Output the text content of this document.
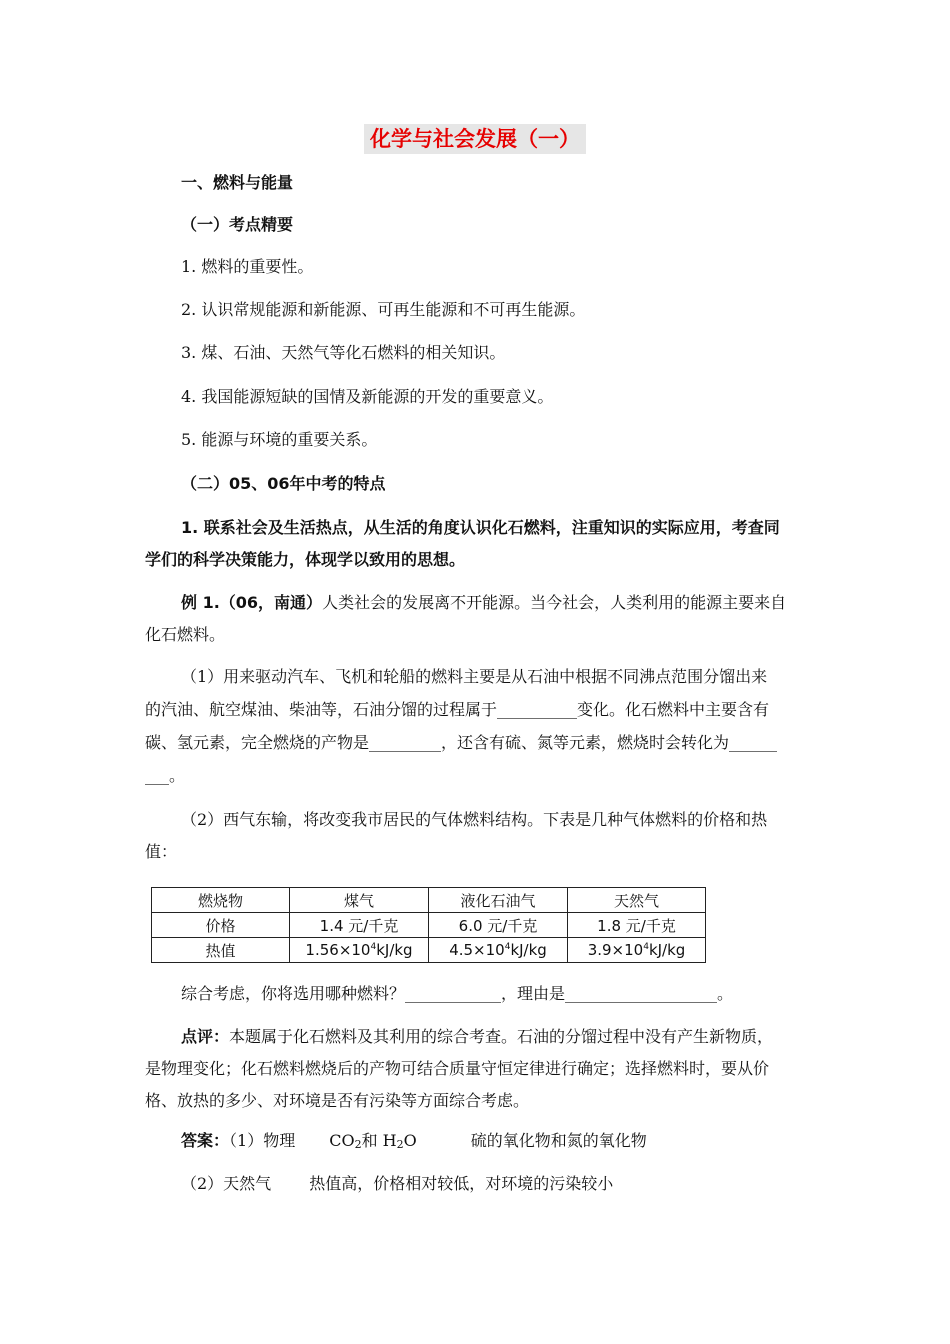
化学与社会发展（一）
一、燃料与能量
（一）考点精要
1. 燃料的重要性。
2. 认识常规能源和新能源、可再生能源和不可再生能源。
3. 煤、石油、天然气等化石燃料的相关知识。
4. 我国能源短缺的国情及新能源的开发的重要意义。
5. 能源与环境的重要关系。
（二）05、06年中考的特点
1. 联系社会及生活热点，从生活的角度认识化石燃料，注重知识的实际应用，考查同
学们的科学决策能力，体现学以致用的思想。
例 1.（06，南通）人类社会的发展离不开能源。当今社会，人类利用的能源主要来自
化石燃料。
（1）用来驱动汽车、飞机和轮船的燃料主要是从石油中根据不同沸点范围分馏出来
的汽油、航空煤油、柴油等，石油分馏的过程属于__________变化。化石燃料中主要含有
碳、氢元素，完全燃烧的产物是_________，还含有硫、氮等元素，燃烧时会转化为______
___。
（2）西气东输，将改变我市居民的气体燃料结构。下表是几种气体燃料的价格和热
值：
燃烧物	煤气	液化石油气	天然气
价格	1.4 元/千克	6.0 元/千克	1.8 元/千克
热值	$1.56\times 10^4kJ/kg$	$4.5\times 10^4kJ/kg$	$3.9\times 10^4kJ/kg$
综合考虑，你将选用哪种燃料？____________，理由是___________________。
点评：本题属于化石燃料及其利用的综合考查。石油的分馏过程中没有产生新物质，
是物理变化；化石燃料燃烧后的产物可结合质量守恒定律进行确定；选择燃料时，要从价
格、放热的多少、对环境是否有污染等方面综合考虑。
答案：（1）物理 CO2和 H2O	硫的氧化物和氮的氧化物
（2）天然气 热值高，价格相对较低，对环境的污染较小
